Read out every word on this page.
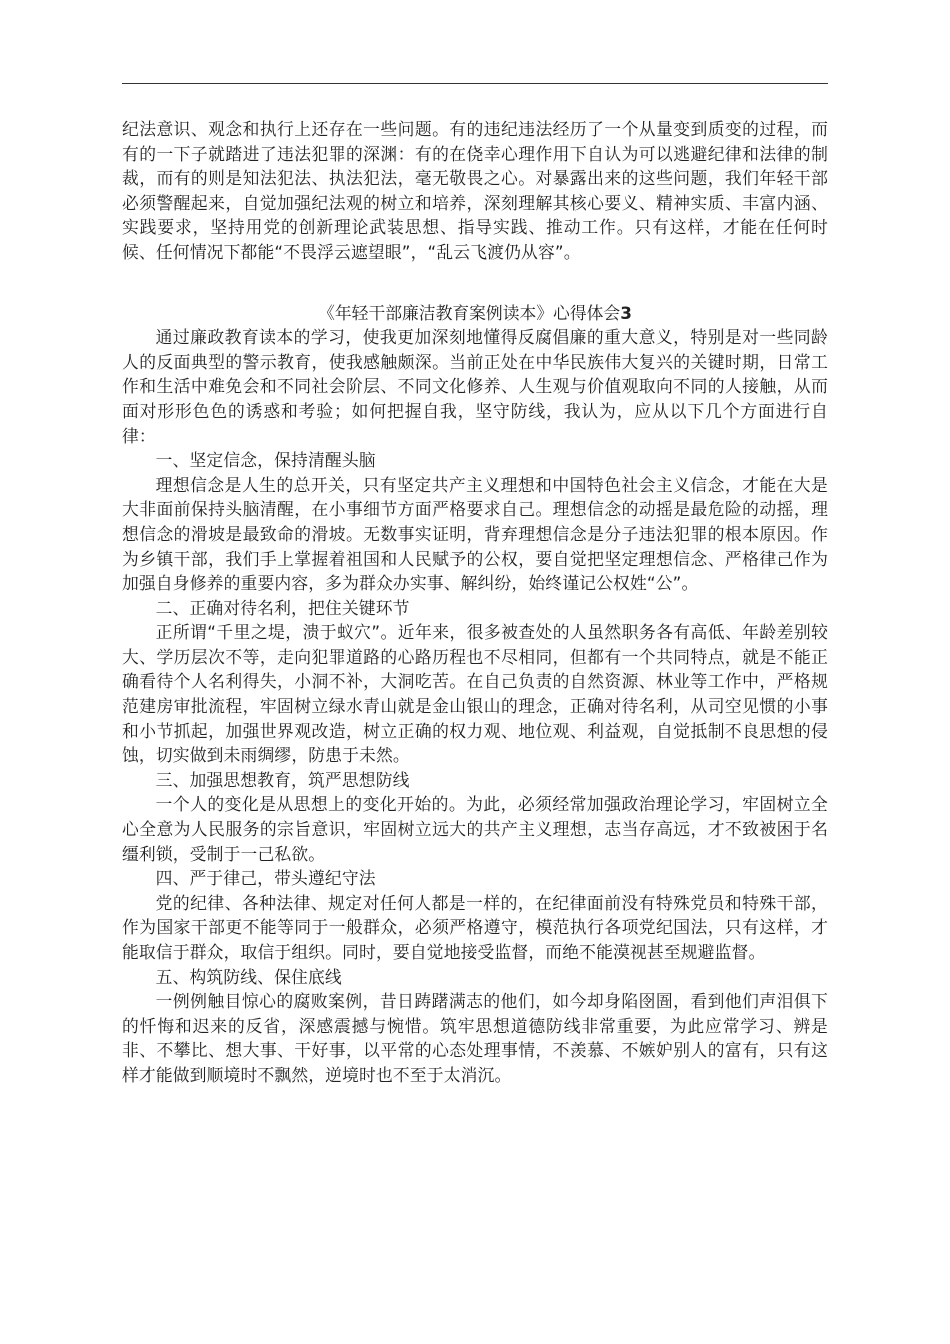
纪法意识、观念和执行上还存在一些问题。有的违纪违法经历了一个从量变到质变的过程，而有的一下子就踏进了违法犯罪的深渊：有的在侥幸心理作用下自认为可以逃避纪律和法律的制裁，而有的则是知法犯法、执法犯法，毫无敬畏之心。对暴露出来的这些问题，我们年轻干部必须警醒起来，自觉加强纪法观的树立和培养，深刻理解其核心要义、精神实质、丰富内涵、实践要求，坚持用党的创新理论武装思想、指导实践、推动工作。只有这样，才能在任何时候、任何情况下都能“不畏浮云遮望眼”，“乱云飞渡仍从容”。

《年轻干部廉洁教育案例读本》心得体会3

通过廉政教育读本的学习，使我更加深刻地懂得反腐倡廉的重大意义，特别是对一些同龄人的反面典型的警示教育，使我感触颇深。当前正处在中华民族伟大复兴的关键时期，日常工作和生活中难免会和不同社会阶层、不同文化修养、人生观与价值观取向不同的人接触，从而面对形形色色的诱惑和考验；如何把握自我，坚守防线，我认为，应从以下几个方面进行自律：

一、坚定信念，保持清醒头脑

理想信念是人生的总开关，只有坚定共产主义理想和中国特色社会主义信念，才能在大是大非面前保持头脑清醒，在小事细节方面严格要求自己。理想信念的动摇是最危险的动摇，理想信念的滑坡是最致命的滑坡。无数事实证明，背弃理想信念是分子违法犯罪的根本原因。作为乡镇干部，我们手上掌握着祖国和人民赋予的公权，要自觉把坚定理想信念、严格律己作为加强自身修养的重要内容，多为群众办实事、解纠纷，始终谨记公权姓“公”。

二、正确对待名利，把住关键环节

正所谓“千里之堤，溃于蚁穴”。近年来，很多被查处的人虽然职务各有高低、年龄差别较大、学历层次不等，走向犯罪道路的心路历程也不尽相同，但都有一个共同特点，就是不能正确看待个人名利得失，小洞不补，大洞吃苦。在自己负责的自然资源、林业等工作中，严格规范建房审批流程，牢固树立绿水青山就是金山银山的理念，正确对待名利，从司空见惯的小事和小节抓起，加强世界观改造，树立正确的权力观、地位观、利益观，自觉抵制不良思想的侵蚀，切实做到未雨绸缪，防患于未然。

三、加强思想教育，筑严思想防线

一个人的变化是从思想上的变化开始的。为此，必须经常加强政治理论学习，牢固树立全心全意为人民服务的宗旨意识，牢固树立远大的共产主义理想，志当存高远，才不致被困于名缰利锁，受制于一己私欲。

四、严于律己，带头遵纪守法

党的纪律、各种法律、规定对任何人都是一样的，在纪律面前没有特殊党员和特殊干部，作为国家干部更不能等同于一般群众，必须严格遵守，模范执行各项党纪国法，只有这样，才能取信于群众，取信于组织。同时，要自觉地接受监督，而绝不能漠视甚至规避监督。

五、构筑防线、保住底线

一例例触目惊心的腐败案例，昔日踌躇满志的他们，如今却身陷囹圄，看到他们声泪俱下的忏悔和迟来的反省，深感震撼与惋惜。筑牢思想道德防线非常重要，为此应常学习、辨是非、不攀比、想大事、干好事，以平常的心态处理事情，不羡慕、不嫉妒别人的富有，只有这样才能做到顺境时不飘然，逆境时也不至于太消沉。
